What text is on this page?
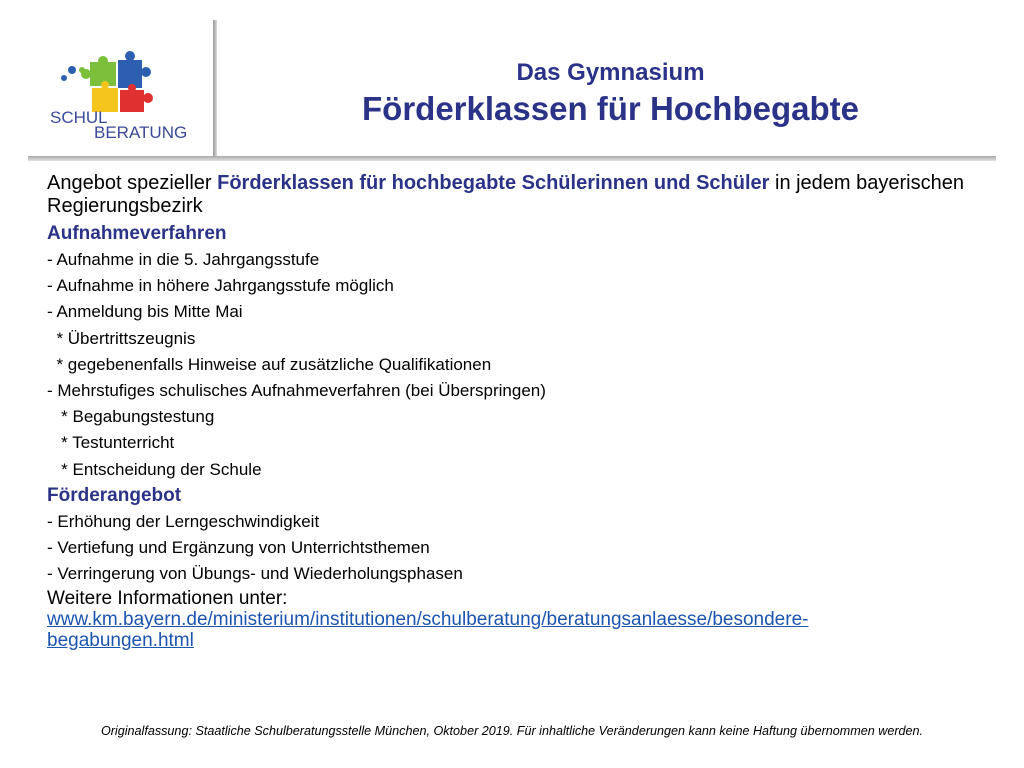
SCHUL
BERATUNG
Das Gymnasium
Förderklassen für Hochbegabte

Angebot spezieller Förderklassen für hochbegabte Schülerinnen und Schüler in jedem bayerischen Regierungsbezirk

Aufnahmeverfahren
- Aufnahme in die 5. Jahrgangsstufe
- Aufnahme in höhere Jahrgangsstufe möglich
- Anmeldung bis Mitte Mai
* Übertrittszeugnis
* gegebenenfalls Hinweise auf zusätzliche Qualifikationen
- Mehrstufiges schulisches Aufnahmeverfahren (bei Überspringen)
* Begabungstestung
* Testunterricht
* Entscheidung der Schule
Förderangebot
- Erhöhung der Lerngeschwindigkeit
- Vertiefung und Ergänzung von Unterrichtsthemen
- Verringerung von Übungs- und Wiederholungsphasen
Weitere Informationen unter:
www.km.bayern.de/ministerium/institutionen/schulberatung/beratungsanlaesse/besondere-
begabungen.html
Originalfassung: Staatliche Schulberatungsstelle München, Oktober 2019. Für inhaltliche Veränderungen kann keine Haftung übernommen werden.
